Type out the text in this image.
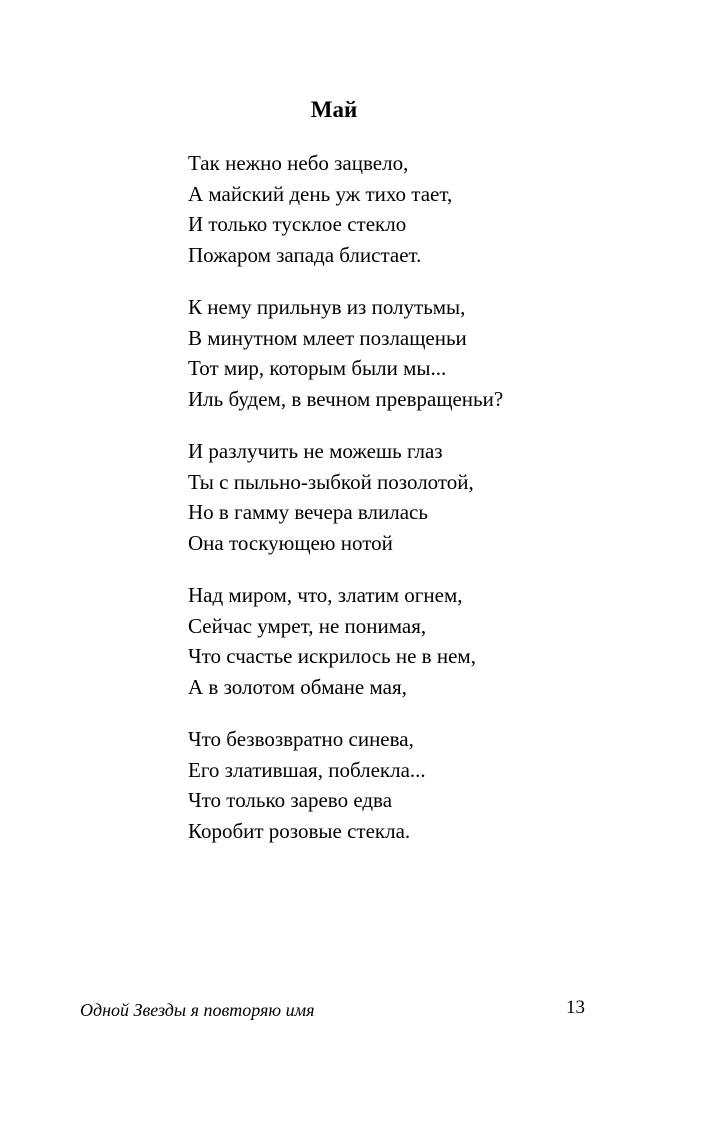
Май
Так нежно небо зацвело,
А майский день уж тихо тает,
И только тусклое стекло
Пожаром запада блистает.
К нему прильнув из полутьмы,
В минутном млеет позлащеньи
Тот мир, которым были мы...
Иль будем, в вечном превращеньи?
И разлучить не можешь глаз
Ты с пыльно-зыбкой позолотой,
Но в гамму вечера влилась
Она тоскующею нотой
Над миром, что, златим огнем,
Сейчас умрет, не понимая,
Что счастье искрилось не в нем,
А в золотом обмане мая,
Что безвозвратно синева,
Его златившая, поблекла...
Что только зарево едва
Коробит розовые стекла.
Одной Звезды я повторяю имя	13
